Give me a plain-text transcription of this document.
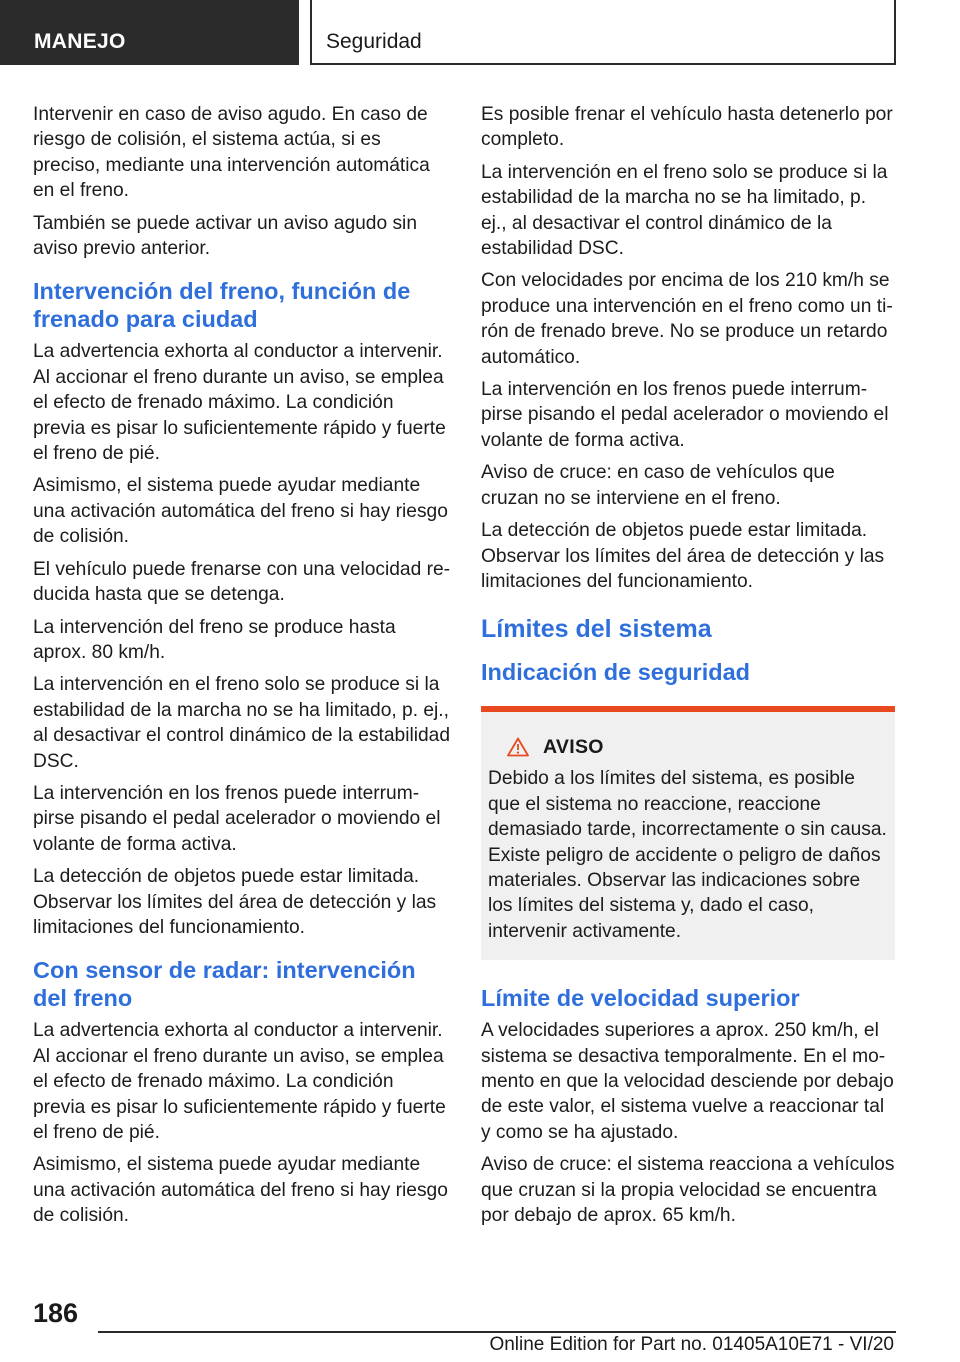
MANEJO	Seguridad

Intervenir en caso de aviso agudo. En caso de riesgo de colisión, el sistema actúa, si es preciso, mediante una intervención automática en el freno.

También se puede activar un aviso agudo sin aviso previo anterior.

Intervención del freno, función de frenado para ciudad

La advertencia exhorta al conductor a intervenir. Al accionar el freno durante un aviso, se emplea el efecto de frenado máximo. La condición previa es pisar lo suficientemente rápido y fuerte el freno de pié.

Asimismo, el sistema puede ayudar mediante una activación automática del freno si hay riesgo de colisión.

El vehículo puede frenarse con una velocidad reducida hasta que se detenga.

La intervención del freno se produce hasta aprox. 80 km/h.

La intervención en el freno solo se produce si la estabilidad de la marcha no se ha limitado, p. ej., al desactivar el control dinámico de la estabilidad DSC.

La intervención en los frenos puede interrumpirse pisando el pedal acelerador o moviendo el volante de forma activa.

La detección de objetos puede estar limitada. Observar los límites del área de detección y las limitaciones del funcionamiento.

Con sensor de radar: intervención del freno

La advertencia exhorta al conductor a intervenir. Al accionar el freno durante un aviso, se emplea el efecto de frenado máximo. La condición previa es pisar lo suficientemente rápido y fuerte el freno de pié.

Asimismo, el sistema puede ayudar mediante una activación automática del freno si hay riesgo de colisión.

Es posible frenar el vehículo hasta detenerlo por completo.

La intervención en el freno solo se produce si la estabilidad de la marcha no se ha limitado, p. ej., al desactivar el control dinámico de la estabilidad DSC.

Con velocidades por encima de los 210 km/h se produce una intervención en el freno como un tirón de frenado breve. No se produce un retardo automático.

La intervención en los frenos puede interrumpirse pisando el pedal acelerador o moviendo el volante de forma activa.

Aviso de cruce: en caso de vehículos que cruzan no se interviene en el freno.

La detección de objetos puede estar limitada. Observar los límites del área de detección y las limitaciones del funcionamiento.

Límites del sistema
Indicación de seguridad
AVISO

Debido a los límites del sistema, es posible que el sistema no reaccione, reaccione demasiado tarde, incorrectamente o sin causa. Existe peligro de accidente o peligro de daños materiales. Observar las indicaciones sobre los límites del sistema y, dado el caso, intervenir activamente.

Límite de velocidad superior

A velocidades superiores a aprox. 250 km/h, el sistema se desactiva temporalmente. En el momento en que la velocidad desciende por debajo de este valor, el sistema vuelve a reaccionar tal y como se ha ajustado.

Aviso de cruce: el sistema reacciona a vehículos que cruzan si la propia velocidad se encuentra por debajo de aprox. 65 km/h.

186
Online Edition for Part no. 01405A10E71 - VI/20
